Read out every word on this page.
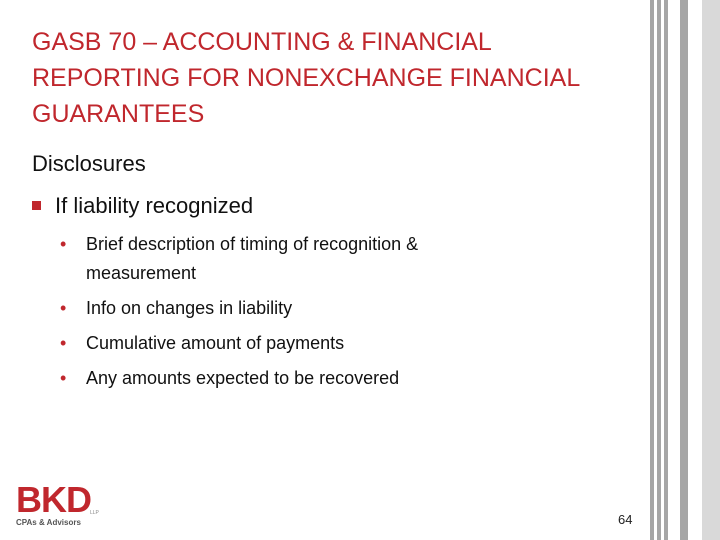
GASB 70 – ACCOUNTING & FINANCIAL
REPORTING FOR NONEXCHANGE FINANCIAL
GUARANTEES
Disclosures
If liability recognized
• Brief description of timing of recognition & measurement
• Info on changes in liability
• Cumulative amount of payments
• Any amounts expected to be recovered
BKD LLP
CPAs & Advisors	64
